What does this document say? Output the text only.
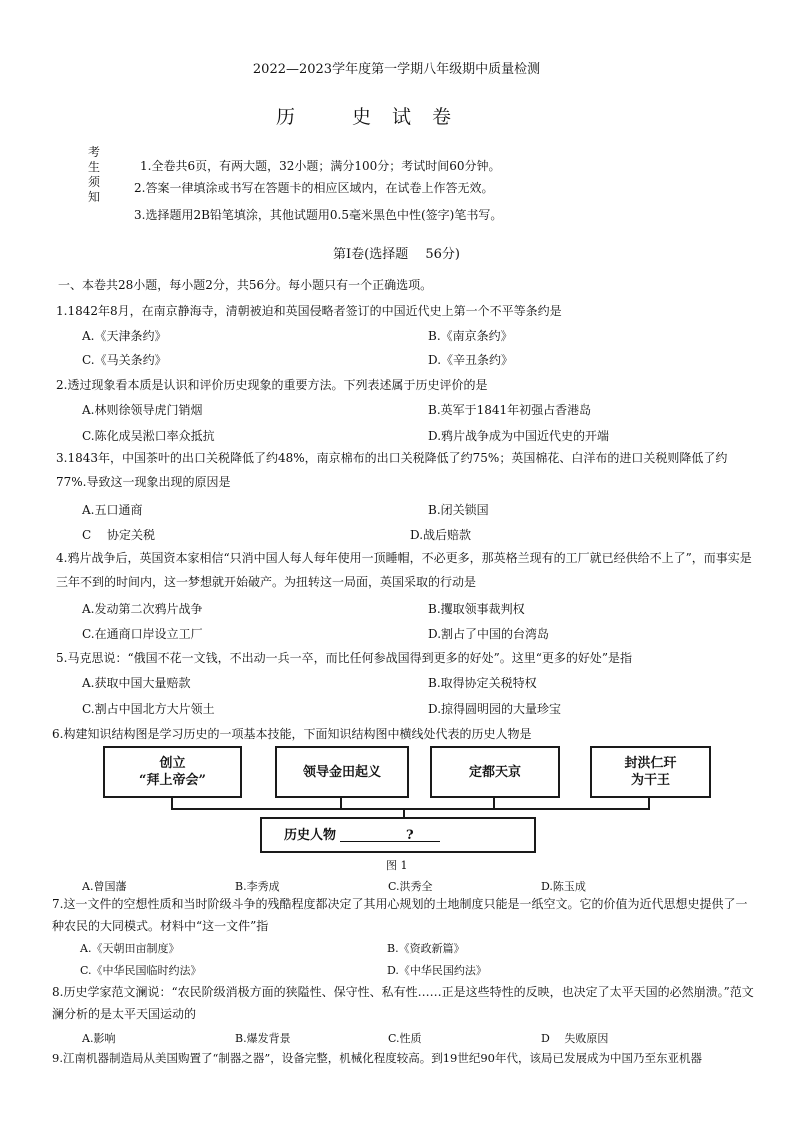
2022—2023学年度第一学期八年级期中质量检测
历	史 试 卷
考生须知
1.全卷共6页，有两大题，32小题；满分100分；考试时间60分钟。
2.答案一律填涂或书写在答题卡的相应区域内，在试卷上作答无效。
3.选择题用2B铅笔填涂，其他试题用0.5毫米黑色中性(签字)笔书写。
第Ⅰ卷(选择题　 56分)
一、本卷共28小题，每小题2分，共56分。每小题只有一个正确选项。
1.1842年8月，在南京静海寺，清朝被迫和英国侵略者签订的中国近代史上第一个不平等条约是
A.《天津条约》	B.《南京条约》
C.《马关条约》	D.《辛丑条约》
2.透过现象看本质是认识和评价历史现象的重要方法。下列表述属于历史评价的是
A.林则徐领导虎门销烟	B.英军于1841年初强占香港岛
C.陈化成吴淞口率众抵抗	D.鸦片战争成为中国近代史的开端
3.1843年，中国茶叶的出口关税降低了约48%，南京棉布的出口关税降低了约75%；英国棉花、白洋布的进口关税则降低了约77%.导致这一现象出现的原因是
A.五口通商	B.闭关锁国
C　 协定关税	D.战后赔款
4.鸦片战争后，英国资本家相信“只消中国人每人每年使用一顶睡帽，不必更多，那英格兰现有的工厂就已经供给不上了”，而事实是三年不到的时间内，这一梦想就开始破产。为扭转这一局面，英国采取的行动是
A.发动第二次鸦片战争	B.攫取领事裁判权
C.在通商口岸设立工厂	D.割占了中国的台湾岛
5.马克思说：“俄国不花一文钱，不出动一兵一卒，而比任何参战国得到更多的好处”。这里“更多的好处”是指
A.获取中国大量赔款	B.取得协定关税特权
C.割占中国北方大片领土	D.掠得圆明园的大量珍宝
6.构建知识结构图是学习历史的一项基本技能，下面知识结构图中横线处代表的历史人物是
创立
“拜上帝会”
领导金田起义	定都天京
封洪仁玕
为干王
历史人物	?
图 1
A.曾国藩	B.李秀成	C.洪秀全	D.陈玉成
7.这一文件的空想性质和当时阶级斗争的残酷程度都决定了其用心规划的土地制度只能是一纸空文。它的价值为近代思想史提供了一种农民的大同模式。材料中“这一文件”指
A.《天朝田亩制度》	B.《资政新篇》
C.《中华民国临时约法》	D.《中华民国约法》
8.历史学家范文澜说：“农民阶级消极方面的狭隘性、保守性、私有性……正是这些特性的反映，也决定了太平天国的必然崩溃。”范文澜分析的是太平天国运动的
A.影响	B.爆发背景	C.性质	D　 失败原因
9.江南机器制造局从美国购置了“制器之器”，设备完整，机械化程度较高。到19世纪90年代，该局已发展成为中国乃至东亚机器
